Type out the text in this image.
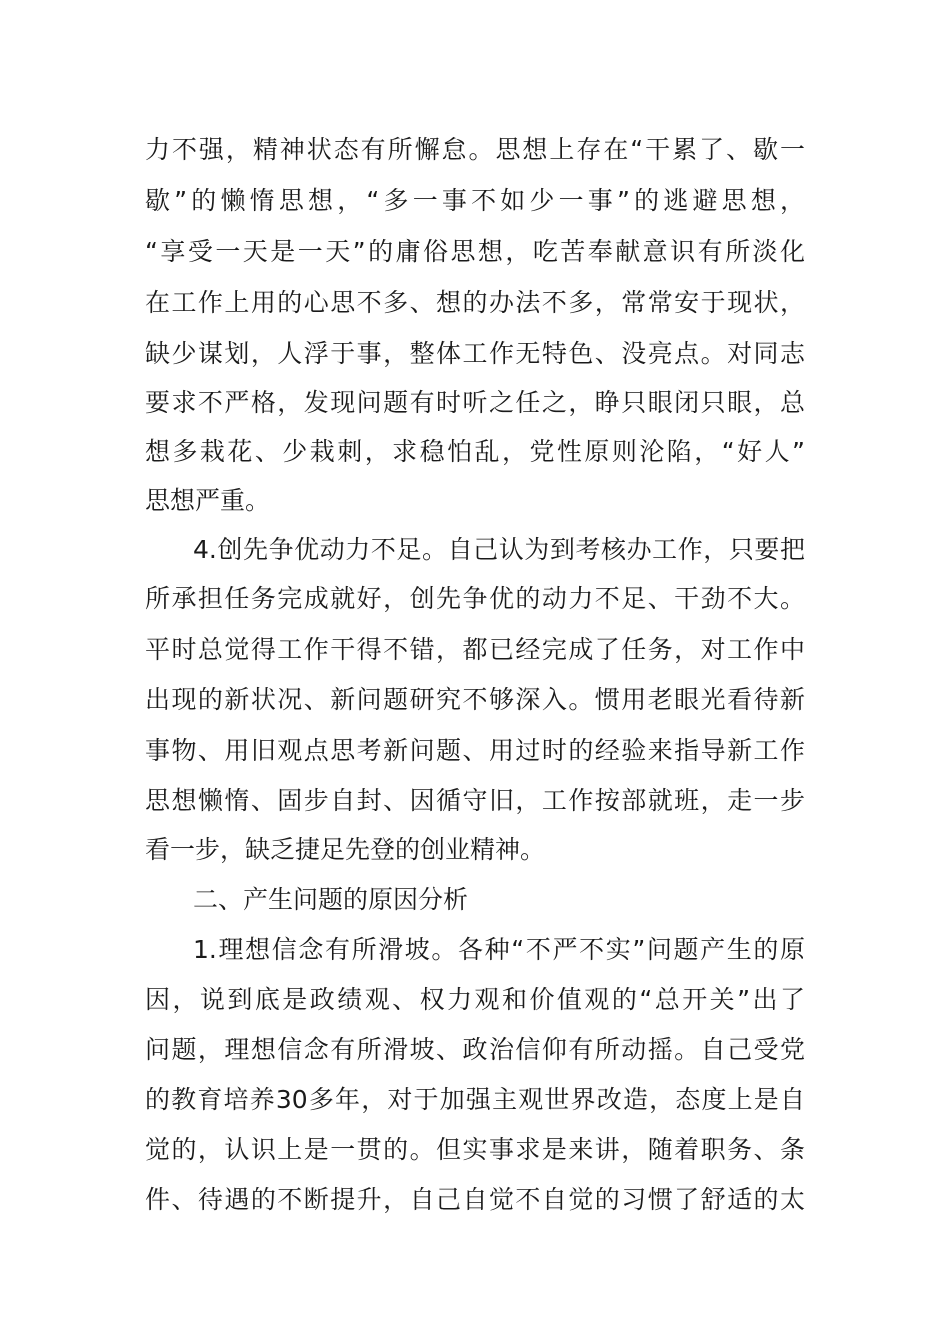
力不强，精神状态有所懈怠。思想上存在“干累了、歇一
歇”的懒惰思想，“多一事不如少一事”的逃避思想，
“享受一天是一天”的庸俗思想，吃苦奉献意识有所淡化
在工作上用的心思不多、想的办法不多，常常安于现状，
缺少谋划，人浮于事，整体工作无特色、没亮点。对同志
要求不严格，发现问题有时听之任之，睁只眼闭只眼，总
想多栽花、少栽刺，求稳怕乱，党性原则沦陷，“好人”
思想严重。
4.创先争优动力不足。自己认为到考核办工作，只要把
所承担任务完成就好，创先争优的动力不足、干劲不大。
平时总觉得工作干得不错，都已经完成了任务，对工作中
出现的新状况、新问题研究不够深入。惯用老眼光看待新
事物、用旧观点思考新问题、用过时的经验来指导新工作
思想懒惰、固步自封、因循守旧，工作按部就班，走一步
看一步，缺乏捷足先登的创业精神。
二、产生问题的原因分析
1.理想信念有所滑坡。各种“不严不实”问题产生的原
因，说到底是政绩观、权力观和价值观的“总开关”出了
问题，理想信念有所滑坡、政治信仰有所动摇。自己受党
的教育培养30多年，对于加强主观世界改造，态度上是自
觉的，认识上是一贯的。但实事求是来讲，随着职务、条
件、待遇的不断提升，自己自觉不自觉的习惯了舒适的太
